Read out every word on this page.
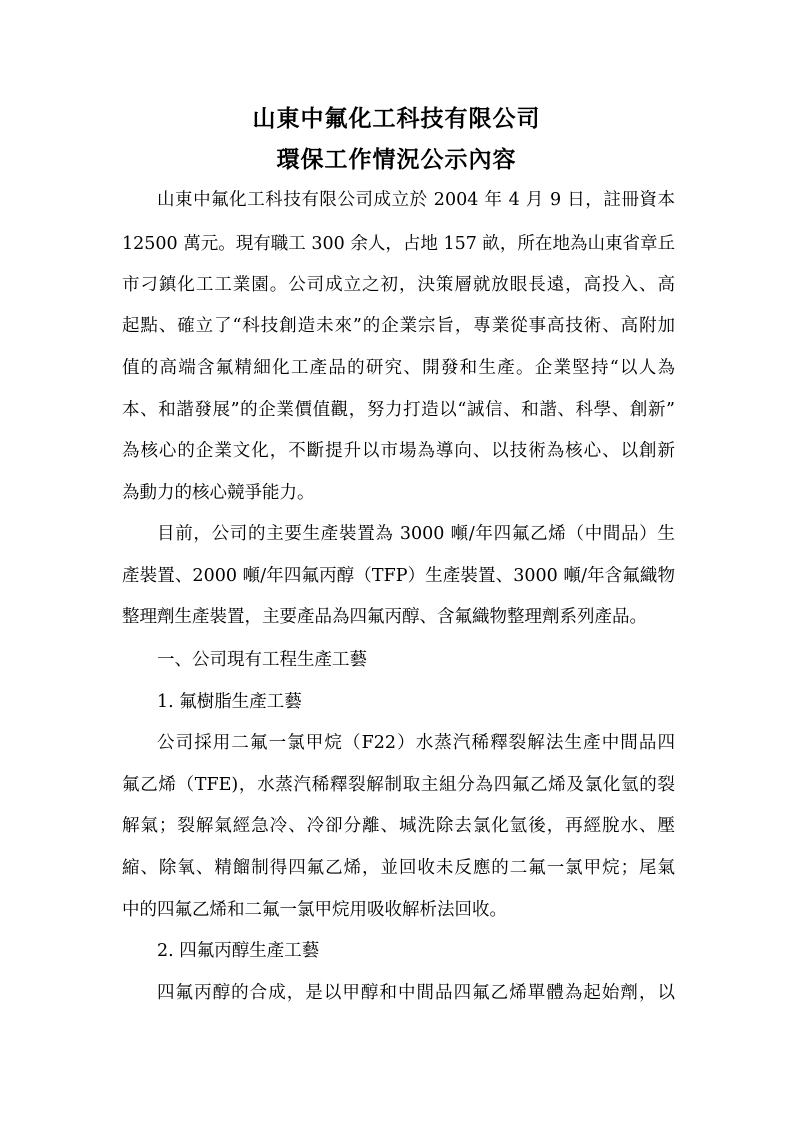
山東中氟化工科技有限公司
環保工作情況公示內容
山東中氟化工科技有限公司成立於 2004 年 4 月 9 日，註冊資本
12500 萬元。現有職工 300 余人，占地 157 畝，所在地為山東省章丘
市刁鎮化工工業園。公司成立之初，決策層就放眼長遠，高投入、高
起點、確立了“科技創造未來”的企業宗旨，專業從事高技術、高附加
值的高端含氟精細化工產品的研究、開發和生產。企業堅持“以人為
本、和諧發展”的企業價值觀，努力打造以“誠信、和諧、科學、創新”
為核心的企業文化，不斷提升以市場為導向、以技術為核心、以創新
為動力的核心競爭能力。
目前，公司的主要生產裝置為 3000 噸/年四氟乙烯（中間品）生
產裝置、2000 噸/年四氟丙醇（TFP）生產裝置、3000 噸/年含氟織物
整理劑生產裝置，主要產品為四氟丙醇、含氟織物整理劑系列產品。
一、公司現有工程生產工藝
1. 氟樹脂生產工藝
公司採用二氟一氯甲烷（F22）水蒸汽稀釋裂解法生產中間品四
氟乙烯（TFE)，水蒸汽稀釋裂解制取主組分為四氟乙烯及氯化氫的裂
解氣；裂解氣經急冷、冷卻分離、堿洗除去氯化氫後，再經脫水、壓
縮、除氧、精餾制得四氟乙烯，並回收未反應的二氟一氯甲烷；尾氣
中的四氟乙烯和二氟一氯甲烷用吸收解析法回收。
2. 四氟丙醇生產工藝
四氟丙醇的合成，是以甲醇和中間品四氟乙烯單體為起始劑，以
